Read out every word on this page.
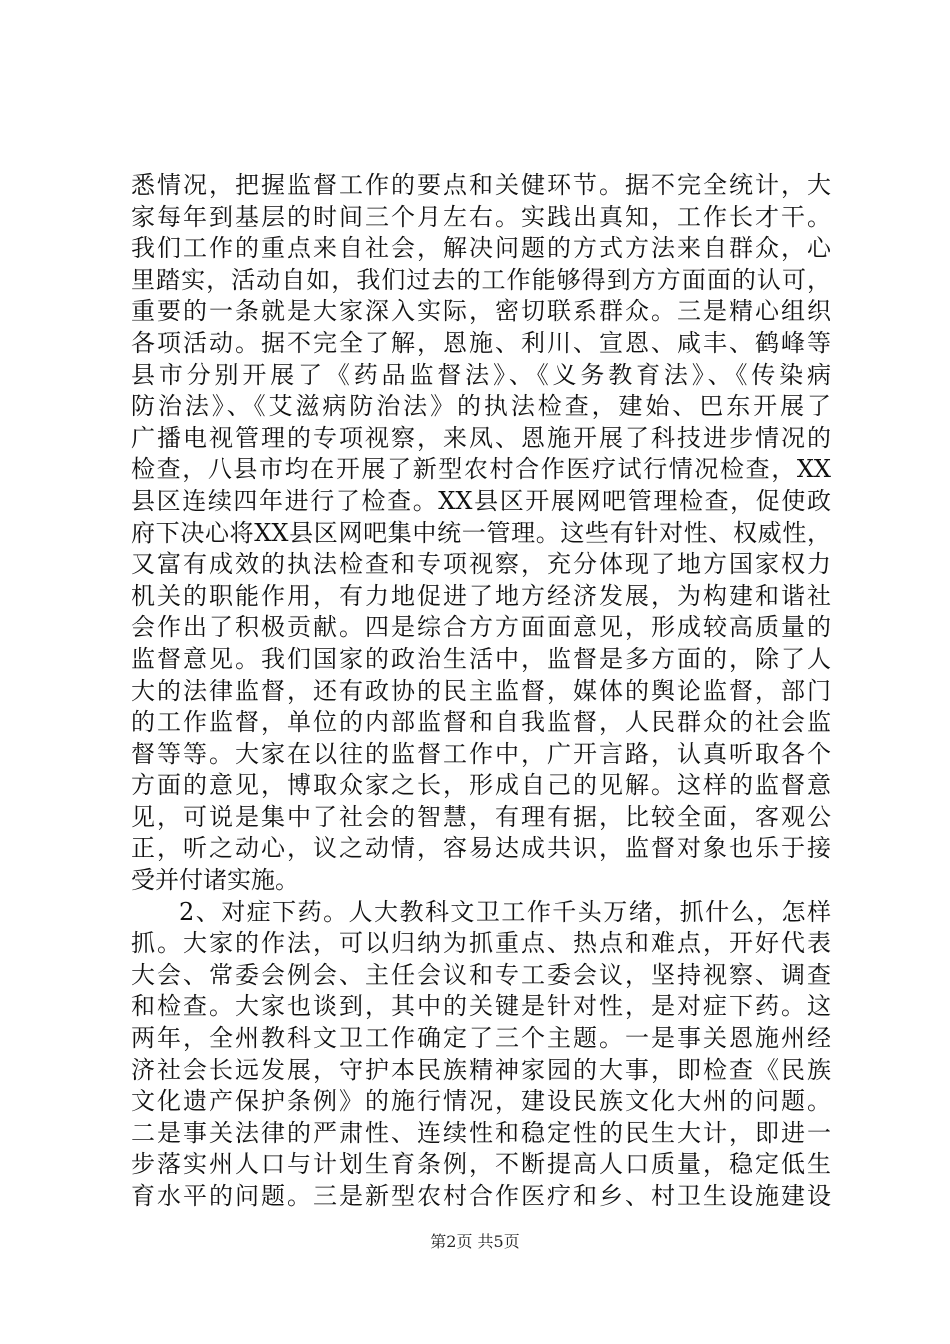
悉情况，把握监督工作的要点和关健环节。据不完全统计，大
家每年到基层的时间三个月左右。实践出真知，工作长才干。
我们工作的重点来自社会，解决问题的方式方法来自群众，心
里踏实，活动自如，我们过去的工作能够得到方方面面的认可，
重要的一条就是大家深入实际，密切联系群众。三是精心组织
各项活动。据不完全了解，恩施、利川、宣恩、咸丰、鹤峰等
县市分别开展了《药品监督法》、《义务教育法》、《传染病
防治法》、《艾滋病防治法》的执法检查，建始、巴东开展了
广播电视管理的专项视察，来凤、恩施开展了科技进步情况的
检查，八县市均在开展了新型农村合作医疗试行情况检查，XX
县区连续四年进行了检查。XX县区开展网吧管理检查，促使政
府下决心将XX县区网吧集中统一管理。这些有针对性、权威性，
又富有成效的执法检查和专项视察，充分体现了地方国家权力
机关的职能作用，有力地促进了地方经济发展，为构建和谐社
会作出了积极贡献。四是综合方方面面意见，形成较高质量的
监督意见。我们国家的政治生活中，监督是多方面的，除了人
大的法律监督，还有政协的民主监督，媒体的舆论监督，部门
的工作监督，单位的内部监督和自我监督，人民群众的社会监
督等等。大家在以往的监督工作中，广开言路，认真听取各个
方面的意见，博取众家之长，形成自己的见解。这样的监督意
见，可说是集中了社会的智慧，有理有据，比较全面，客观公
正，听之动心，议之动情，容易达成共识，监督对象也乐于接
受并付诸实施。
2、对症下药。人大教科文卫工作千头万绪，抓什么，怎样
抓。大家的作法，可以归纳为抓重点、热点和难点，开好代表
大会、常委会例会、主任会议和专工委会议，坚持视察、调查
和检查。大家也谈到，其中的关键是针对性，是对症下药。这
两年，全州教科文卫工作确定了三个主题。一是事关恩施州经
济社会长远发展，守护本民族精神家园的大事，即检查《民族
文化遗产保护条例》的施行情况，建设民族文化大州的问题。
二是事关法律的严肃性、连续性和稳定性的民生大计，即进一
步落实州人口与计划生育条例，不断提高人口质量，稳定低生
育水平的问题。三是新型农村合作医疗和乡、村卫生设施建设
第2页 共5页
